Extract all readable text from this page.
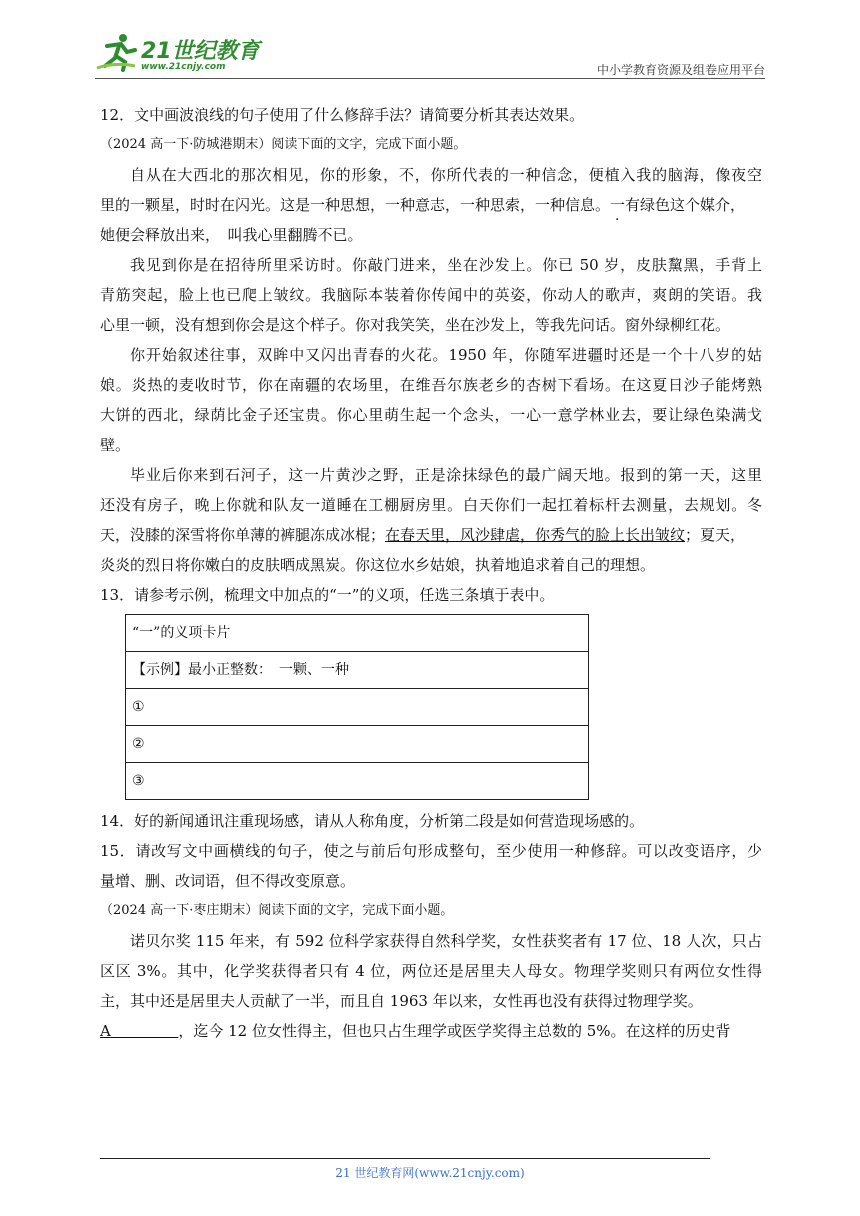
21世纪教育
www.21cnjy.com	中小学教育资源及组卷应用平台
12．文中画波浪线的句子使用了什么修辞手法？请简要分析其表达效果。
（2024 高一下·防城港期末）阅读下面的文字，完成下面小题。
自从在大西北的那次相见，你的形象，不，你所代表的一种信念，便植入我的脑海，像夜空
里的一颗星，时时在闪光。这是一种思想，一种意志，一种思索，一种信息。一有绿色这个媒介，
她便会释放出来，　叫我心里翻腾不已。
我见到你是在招待所里采访时。你敲门进来，坐在沙发上。你已 50 岁，皮肤黧黑，手背上
青筋突起，脸上也已爬上皱纹。我脑际本装着你传闻中的英姿，你动人的歌声，爽朗的笑语。我
心里一顿，没有想到你会是这个样子。你对我笑笑，坐在沙发上，等我先问话。窗外绿柳红花。
你开始叙述往事，双眸中又闪出青春的火花。1950 年，你随军进疆时还是一个十八岁的姑
娘。炎热的麦收时节，你在南疆的农场里，在维吾尔族老乡的杏树下看场。在这夏日沙子能烤熟
大饼的西北，绿荫比金子还宝贵。你心里萌生起一个念头，一心一意学林业去，要让绿色染满戈
壁。
毕业后你来到石河子，这一片黄沙之野，正是涂抹绿色的最广阔天地。报到的第一天，这里
还没有房子，晚上你就和队友一道睡在工棚厨房里。白天你们一起扛着标杆去测量，去规划。冬
天，没膝的深雪将你单薄的裤腿冻成冰棍；在春天里，风沙肆虐，你秀气的脸上长出皱纹；夏天，
炎炎的烈日将你嫩白的皮肤晒成黑炭。你这位水乡姑娘，执着地追求着自己的理想。
13．请参考示例，梳理文中加点的“一”的义项，任选三条填于表中。
“一”的义项卡片
【示例】最小正整数：　一颗、一种
①
②
③
14．好的新闻通讯注重现场感，请从人称角度，分析第二段是如何营造现场感的。
15．请改写文中画横线的句子，使之与前后句形成整句，至少使用一种修辞。可以改变语序，少
量增、删、改词语，但不得改变原意。
（2024 高一下·枣庄期末）阅读下面的文字，完成下面小题。
诺贝尔奖 115 年来，有 592 位科学家获得自然科学奖，女性获奖者有 17 位、18 人次，只占
区区 3%。其中，化学奖获得者只有 4 位，两位还是居里夫人母女。物理学奖则只有两位女性得
主，其中还是居里夫人贡献了一半，而且自 1963 年以来，女性再也没有获得过物理学奖。
A     	，迄今 12 位女性得主，但也只占生理学或医学奖得主总数的 5%。在这样的历史背
21 世纪教育网(www.21cnjy.com)
